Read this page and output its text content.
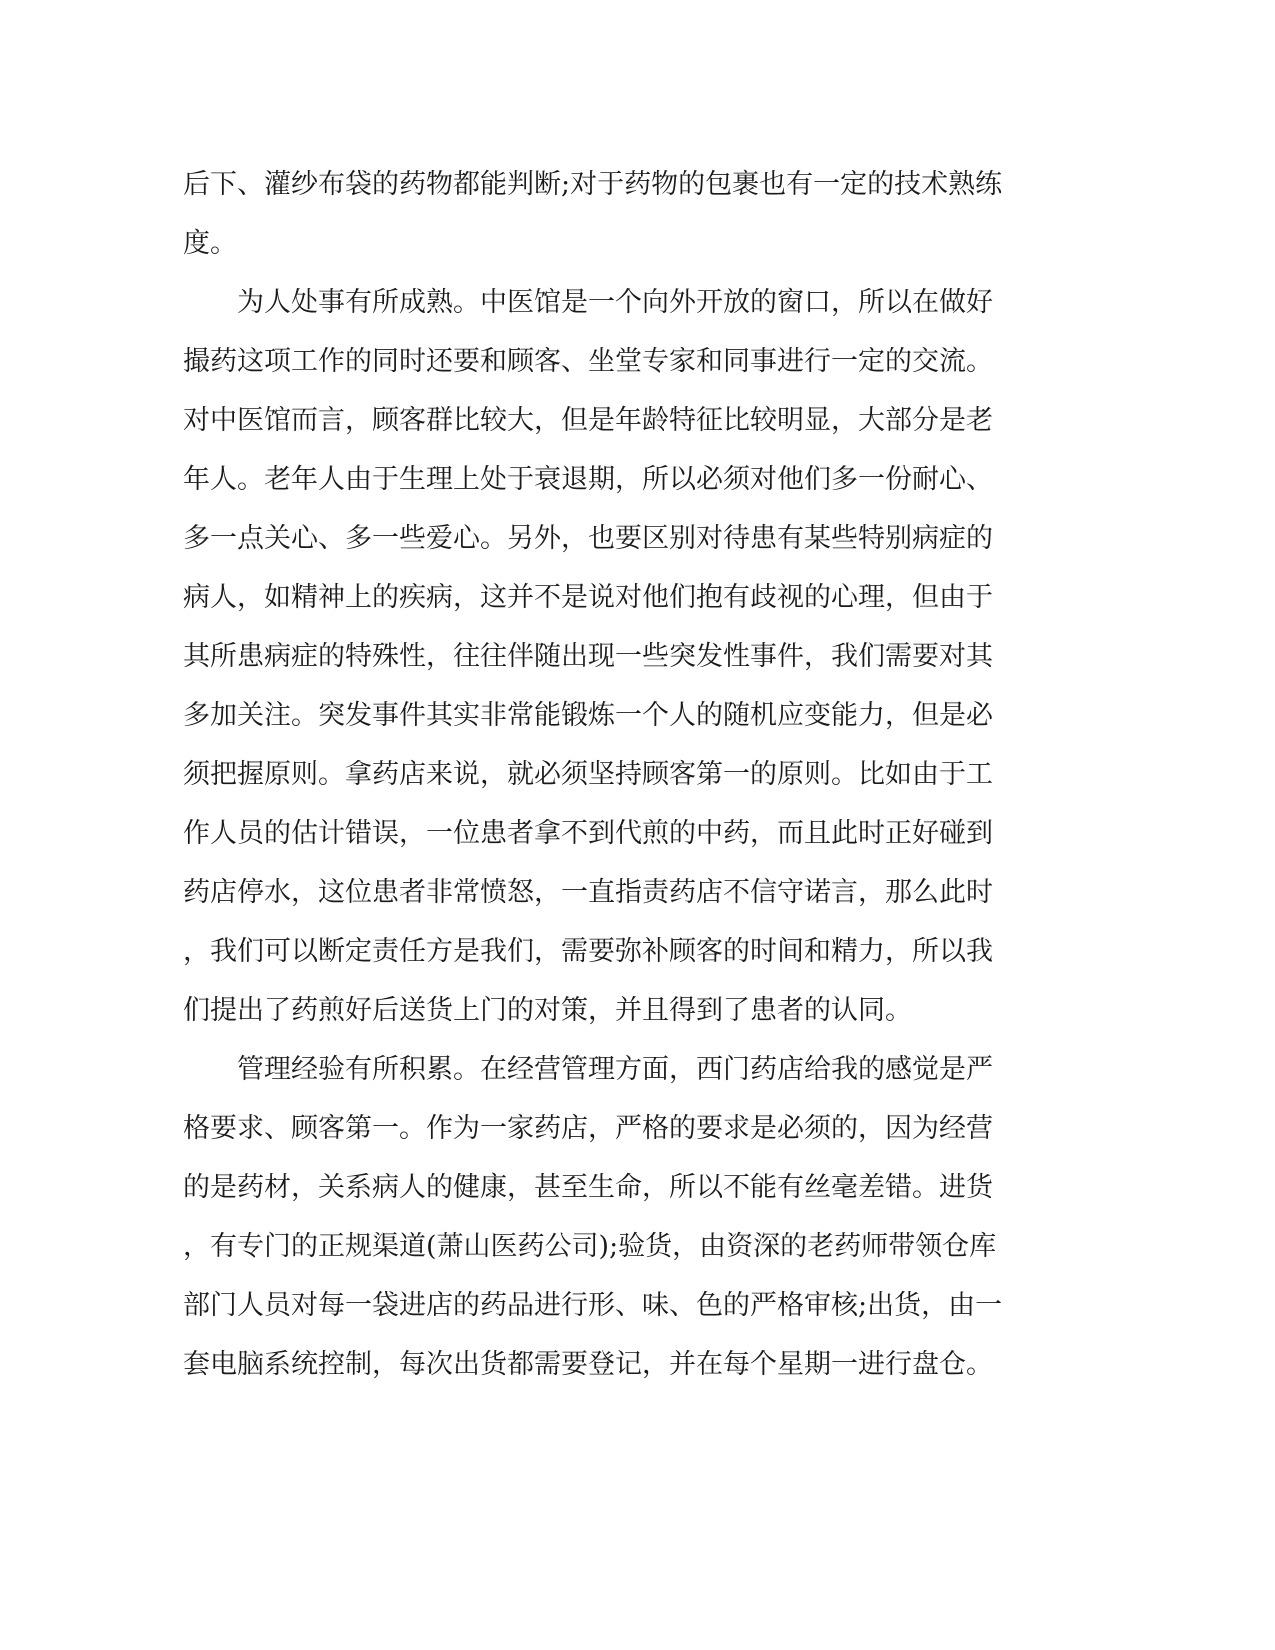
后下、灌纱布袋的药物都能判断;对于药物的包裹也有一定的技术熟练
度。
　　为人处事有所成熟。中医馆是一个向外开放的窗口，所以在做好
撮药这项工作的同时还要和顾客、坐堂专家和同事进行一定的交流。
对中医馆而言，顾客群比较大，但是年龄特征比较明显，大部分是老
年人。老年人由于生理上处于衰退期，所以必须对他们多一份耐心、
多一点关心、多一些爱心。另外，也要区别对待患有某些特别病症的
病人，如精神上的疾病，这并不是说对他们抱有歧视的心理，但由于
其所患病症的特殊性，往往伴随出现一些突发性事件，我们需要对其
多加关注。突发事件其实非常能锻炼一个人的随机应变能力，但是必
须把握原则。拿药店来说，就必须坚持顾客第一的原则。比如由于工
作人员的估计错误，一位患者拿不到代煎的中药，而且此时正好碰到
药店停水，这位患者非常愤怒，一直指责药店不信守诺言，那么此时
，我们可以断定责任方是我们，需要弥补顾客的时间和精力，所以我
们提出了药煎好后送货上门的对策，并且得到了患者的认同。
　　管理经验有所积累。在经营管理方面，西门药店给我的感觉是严
格要求、顾客第一。作为一家药店，严格的要求是必须的，因为经营
的是药材，关系病人的健康，甚至生命，所以不能有丝毫差错。进货
，有专门的正规渠道(萧山医药公司);验货，由资深的老药师带领仓库
部门人员对每一袋进店的药品进行形、味、色的严格审核;出货，由一
套电脑系统控制，每次出货都需要登记，并在每个星期一进行盘仓。
